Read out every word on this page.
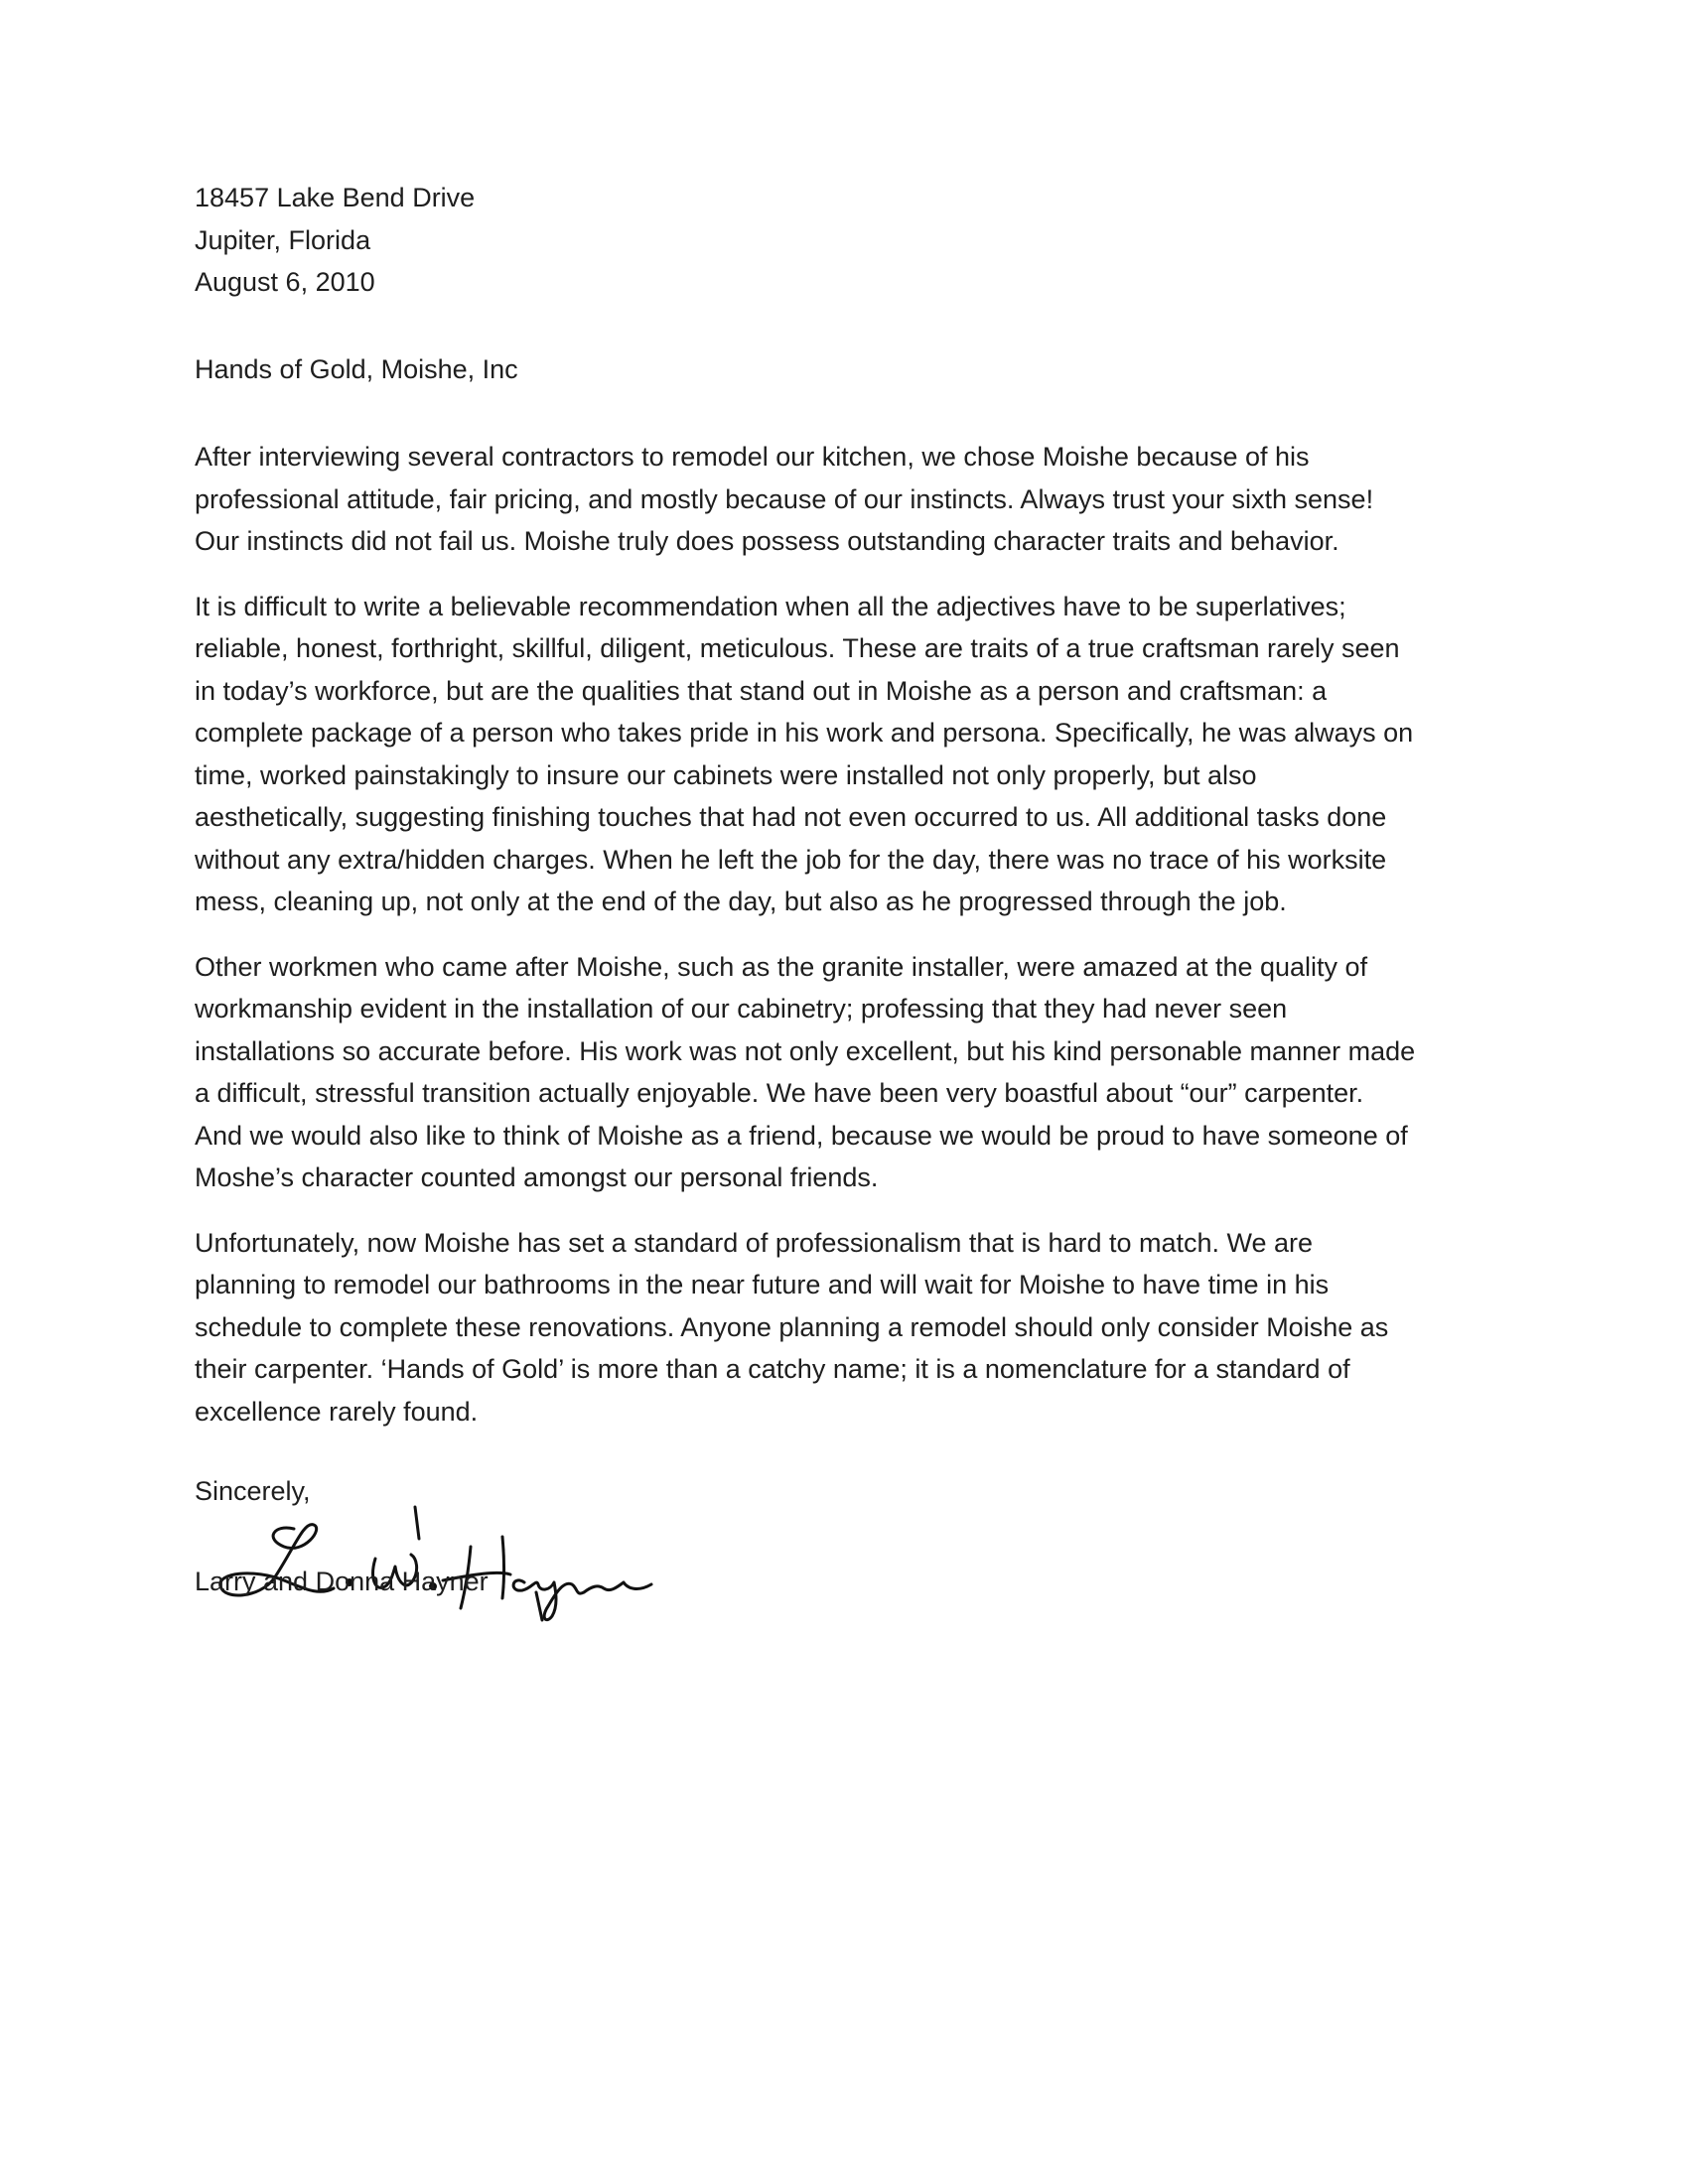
18457 Lake Bend Drive
Jupiter, Florida
August 6, 2010
Hands of Gold, Moishe, Inc

After interviewing several contractors to remodel our kitchen, we chose Moishe because of his
professional attitude, fair pricing, and mostly because of our instincts. Always trust your sixth sense!
Our instincts did not fail us. Moishe truly does possess outstanding character traits and behavior.

It is difficult to write a believable recommendation when all the adjectives have to be superlatives;
reliable, honest, forthright, skillful, diligent, meticulous. These are traits of a true craftsman rarely seen
in today’s workforce, but are the qualities that stand out in Moishe as a person and craftsman: a
complete package of a person who takes pride in his work and persona. Specifically, he was always on
time, worked painstakingly to insure our cabinets were installed not only properly, but also
aesthetically, suggesting finishing touches that had not even occurred to us. All additional tasks done
without any extra/hidden charges. When he left the job for the day, there was no trace of his worksite
mess, cleaning up, not only at the end of the day, but also as he progressed through the job.

Other workmen who came after Moishe, such as the granite installer, were amazed at the quality of
workmanship evident in the installation of our cabinetry; professing that they had never seen
installations so accurate before. His work was not only excellent, but his kind personable manner made
a difficult, stressful transition actually enjoyable. We have been very boastful about “our” carpenter.
And we would also like to think of Moishe as a friend, because we would be proud to have someone of
Moshe’s character counted amongst our personal friends.

Unfortunately, now Moishe has set a standard of professionalism that is hard to match. We are
planning to remodel our bathrooms in the near future and will wait for Moishe to have time in his
schedule to complete these renovations. Anyone planning a remodel should only consider Moishe as
their carpenter. ‘Hands of Gold’ is more than a catchy name; it is a nomenclature for a standard of
excellence rarely found.

Sincerely,
Larry and Donna Hayner
